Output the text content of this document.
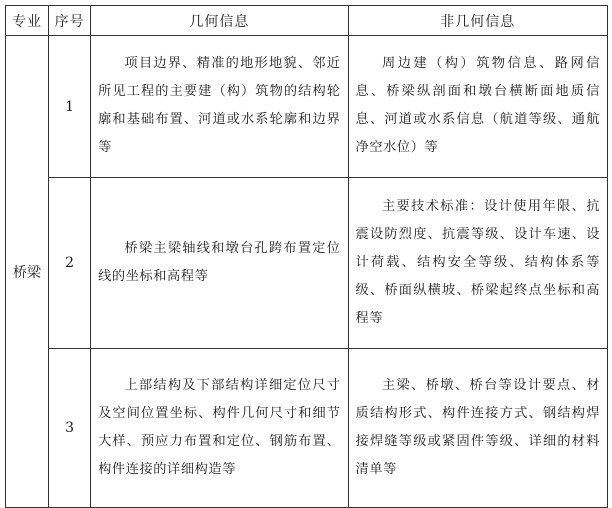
专业	序号	几何信息	非几何信息
桥梁	1	项目边界、精准的地形地貌、邻近所见工程的主要建（构）筑物的结构轮廓和基础布置、河道或水系轮廓和边界等	周边建（构）筑物信息、路网信息、桥梁纵剖面和墩台横断面地质信息、河道或水系信息（航道等级、通航净空水位）等
	2	桥梁主梁轴线和墩台孔跨布置定位线的坐标和高程等	主要技术标准：设计使用年限、抗震设防烈度、抗震等级、设计车速、设计荷载、结构安全等级、结构体系等级、桥面纵横坡、桥梁起终点坐标和高程等
	3	上部结构及下部结构详细定位尺寸及空间位置坐标、构件几何尺寸和细节大样、预应力布置和定位、钢筋布置、构件连接的详细构造等	主梁、桥墩、桥台等设计要点、材质结构形式、构件连接方式、钢结构焊接焊缝等级或紧固件等级、详细的材料清单等
